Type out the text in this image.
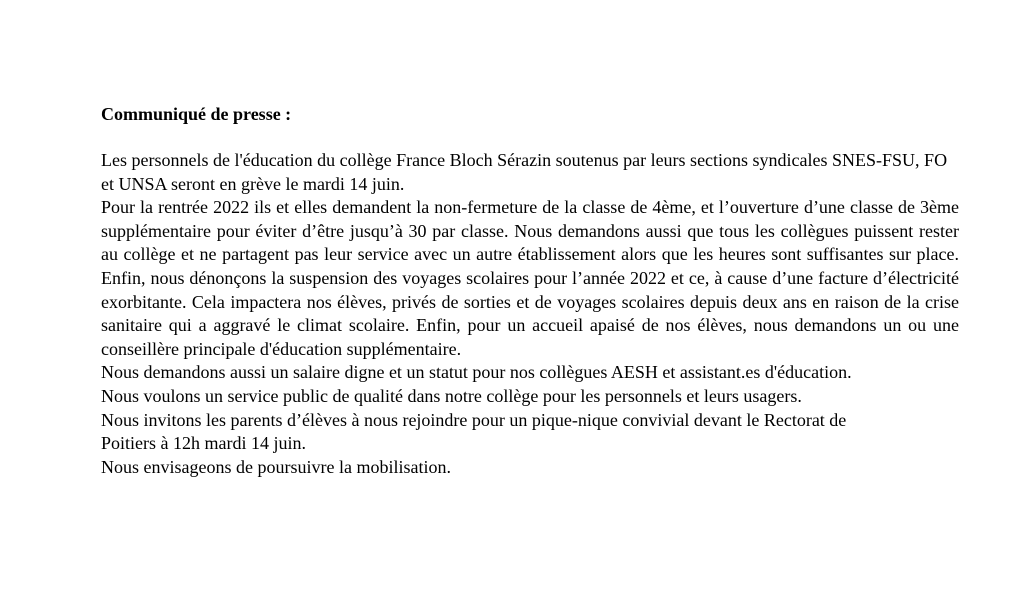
Communiqué de presse :

Les personnels de l'éducation du collège France Bloch Sérazin soutenus par leurs sections syndicales SNES-FSU, FO et UNSA seront en grève le mardi 14 juin.

Pour la rentrée 2022 ils et elles demandent la non-fermeture de la classe de 4ème, et l’ouverture d’une classe de 3ème supplémentaire pour éviter d’être jusqu’à 30 par classe. Nous demandons aussi que tous les collègues puissent rester au collège et ne partagent pas leur service avec un autre établissement alors que les heures sont suffisantes sur place. Enfin, nous dénonçons la suspension des voyages scolaires pour l’année 2022 et ce, à cause d’une facture d’électricité exorbitante. Cela impactera nos élèves, privés de sorties et de voyages scolaires depuis deux ans en raison de la crise sanitaire qui a aggravé le climat scolaire. Enfin, pour un accueil apaisé de nos élèves, nous demandons un ou une conseillère principale d'éducation supplémentaire.

Nous demandons aussi un salaire digne et un statut pour nos collègues AESH et assistant.es d'éducation.

Nous voulons un service public de qualité dans notre collège pour les personnels et leurs usagers.

Nous invitons les parents d’élèves à nous rejoindre pour un pique-nique convivial devant le Rectorat de Poitiers à 12h mardi 14 juin.

Nous envisageons de poursuivre la mobilisation.
